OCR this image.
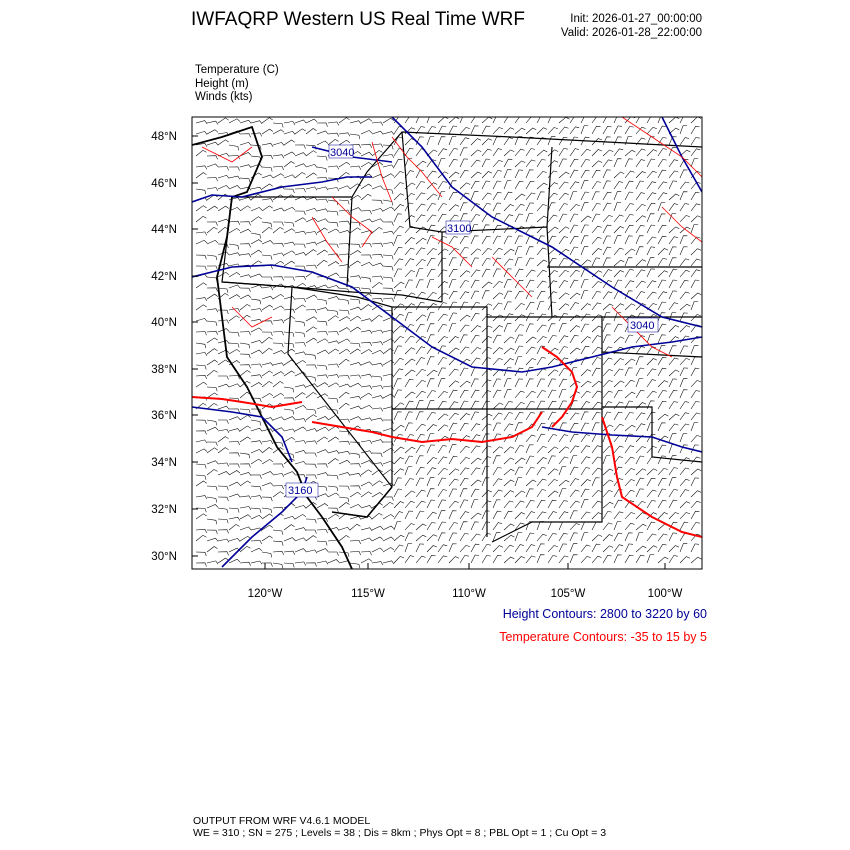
IWFAQRP Western US Real Time WRF	Init: 2026-01-27_00:00:00
Valid: 2026-01-28_22:00:00
Temperature (C)
Height (m)
Winds (kts)
3040
3100
3040
3160
48°N
46°N
44°N
42°N
40°N
38°N
36°N
34°N
32°N
30°N
120°W	115°W	110°W	105°W	100°W
Height Contours: 2800 to 3220 by 60
Temperature Contours: -35 to 15 by 5
OUTPUT FROM WRF V4.6.1 MODEL
WE = 310 ; SN = 275 ; Levels = 38 ; Dis = 8km ; Phys Opt = 8 ; PBL Opt = 1 ; Cu Opt = 3
